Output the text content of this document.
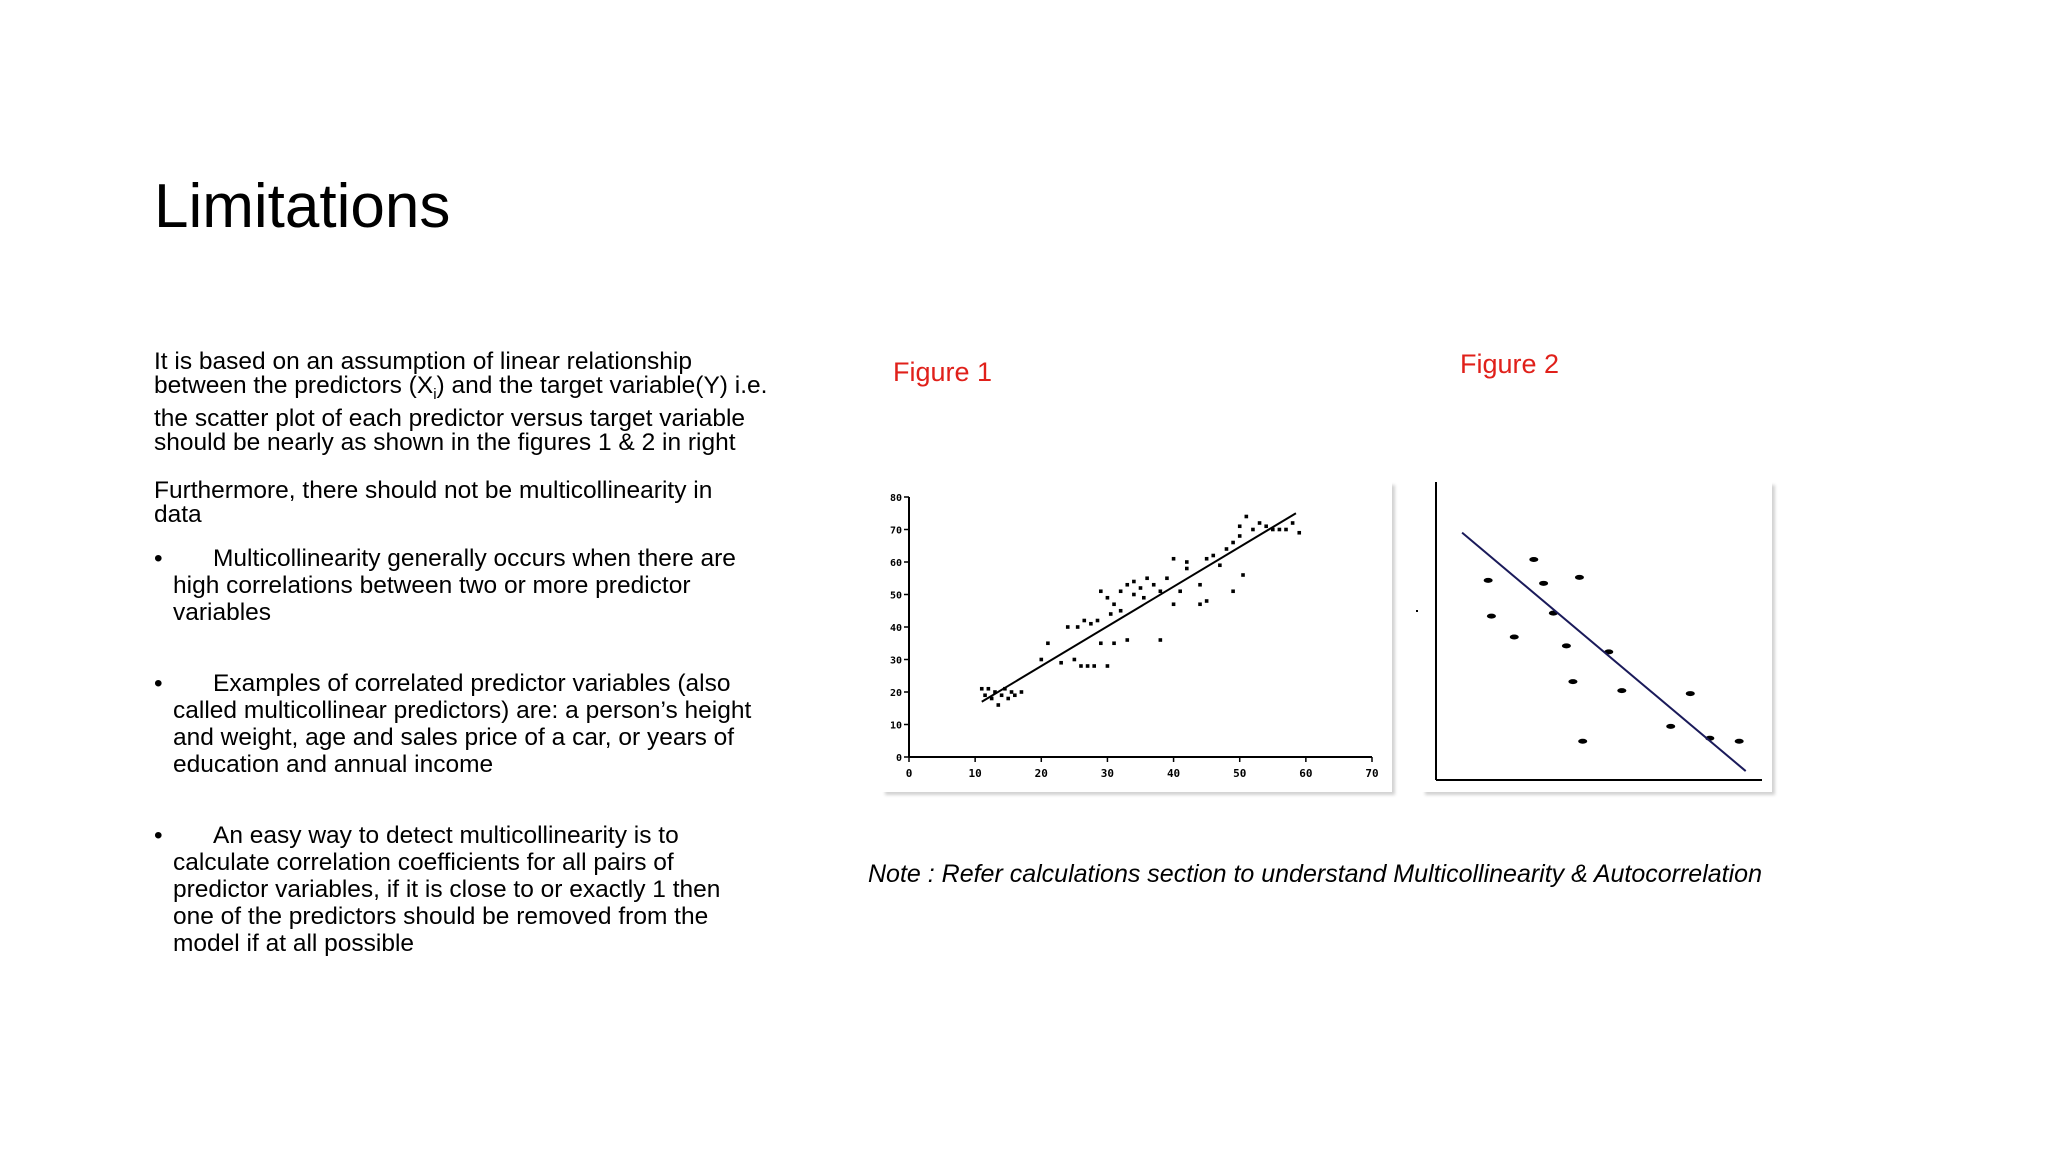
Limitations

It is based on an assumption of linear relationship

between the predictors $(X_i)$ and the target variable(Y) i.e.

the scatter plot of each predictor versus target variable

should be nearly as shown in the figures 1 & 2 in right

Furthermore, there should not be multicollinearity in

data

• Multicollinearity generally occurs when there are
high correlations between two or more predictor
variables

• Examples of correlated predictor variables (also
called multicollinear predictors) are: a person’s height
and weight, age and sales price of a car, or years of
education and annual income

• An easy way to detect multicollinearity is to
calculate correlation coefficients for all pairs of
predictor variables, if it is close to or exactly 1 then
one of the predictors should be removed from the
model if at all possible

Figure 1	Figure 2

0	10	20	30	40	50	60	70
0
10
20
30
40
50
60
70
80

Note : Refer calculations section to understand Multicollinearity & Autocorrelation
